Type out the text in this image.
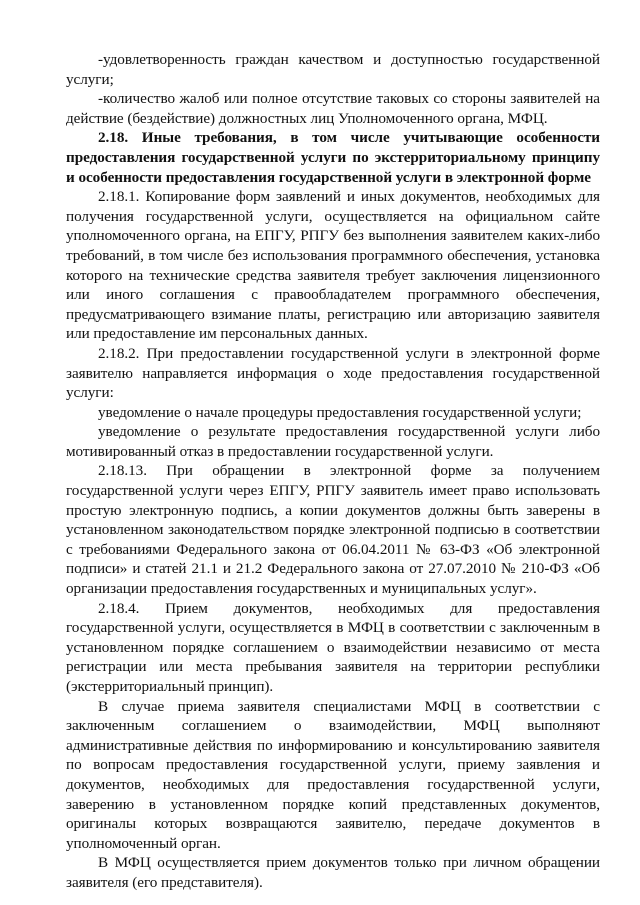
-удовлетворенность граждан качеством и доступностью государственной услуги;

-количество жалоб или полное отсутствие таковых со стороны заявителей на действие (бездействие) должностных лиц Уполномоченного органа, МФЦ.

2.18. Иные требования, в том числе учитывающие особенности предоставления государственной услуги по экстерриториальному принципу и особенности предоставления государственной услуги в электронной форме

2.18.1. Копирование форм заявлений и иных документов, необходимых для получения государственной услуги, осуществляется на официальном сайте уполномоченного органа, на ЕПГУ, РПГУ без выполнения заявителем каких-либо требований, в том числе без использования программного обеспечения, установка которого на технические средства заявителя требует заключения лицензионного или иного соглашения с правообладателем программного обеспечения, предусматривающего взимание платы, регистрацию или авторизацию заявителя или предоставление им персональных данных.

2.18.2. При предоставлении государственной услуги в электронной форме заявителю направляется информация о ходе предоставления государственной услуги:

уведомление о начале процедуры предоставления государственной услуги;

уведомление о результате предоставления государственной услуги либо мотивированный отказ в предоставлении государственной услуги.

2.18.13. При обращении в электронной форме за получением государственной услуги через ЕПГУ, РПГУ заявитель имеет право использовать простую электронную подпись, а копии документов должны быть заверены в установленном законодательством порядке электронной подписью в соответствии с требованиями Федерального закона от 06.04.2011 № 63-ФЗ «Об электронной подписи» и статей 21.1 и 21.2 Федерального закона от 27.07.2010 № 210-ФЗ «Об организации предоставления государственных и муниципальных услуг».

2.18.4. Прием документов, необходимых для предоставления государственной услуги, осуществляется в МФЦ в соответствии с заключенным в установленном порядке соглашением о взаимодействии независимо от места регистрации или места пребывания заявителя на территории республики (экстерриториальный принцип).

В случае приема заявителя специалистами МФЦ в соответствии с заключенным соглашением о взаимодействии, МФЦ выполняют административные действия по информированию и консультированию заявителя по вопросам предоставления государственной услуги, приему заявления и документов, необходимых для предоставления государственной услуги, заверению в установленном порядке копий представленных документов, оригиналы которых возвращаются заявителю, передаче документов в уполномоченный орган.

В МФЦ осуществляется прием документов только при личном обращении заявителя (его представителя).
